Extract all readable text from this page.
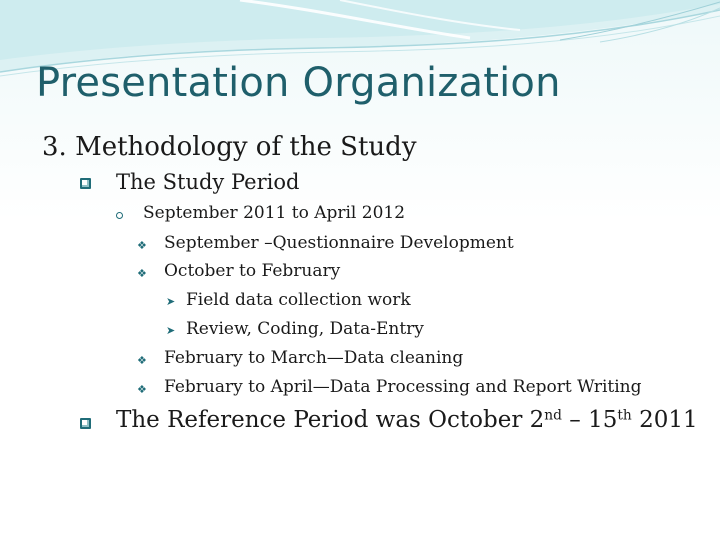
Presentation Organization
3. Methodology of the Study
The Study Period
September 2011 to April 2012
❖ September –Questionnaire Development
❖ October to February
➤ Field data collection work
➤ Review, Coding, Data-Entry
❖ February to March—Data cleaning
❖ February to April—Data Processing and Report Writing
The Reference Period was October 2nd – 15th 2011
